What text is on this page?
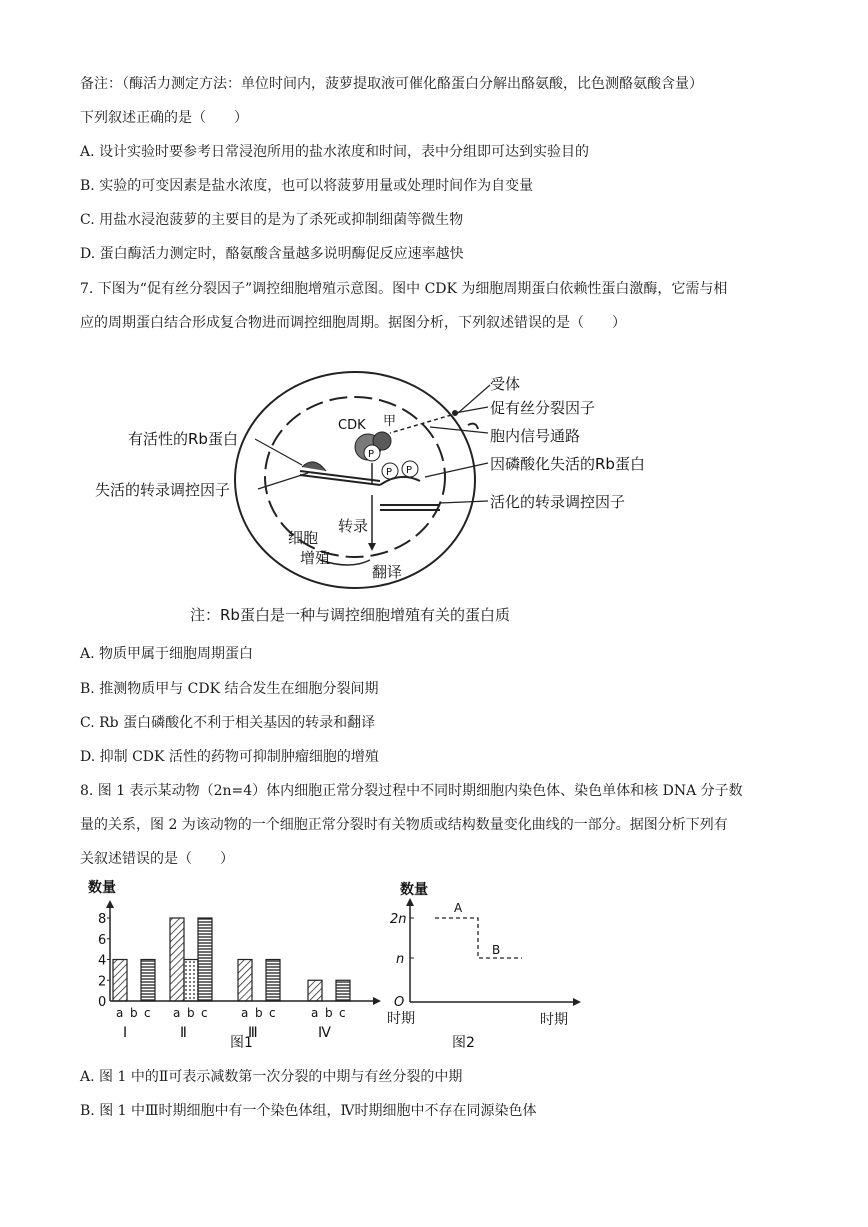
备注：（酶活力测定方法：单位时间内，菠萝提取液可催化酪蛋白分解出酪氨酸，比色测酪氨酸含量）
下列叙述正确的是（　　）
A. 设计实验时要参考日常浸泡所用的盐水浓度和时间，表中分组即可达到实验目的
B. 实验的可变因素是盐水浓度，也可以将菠萝用量或处理时间作为自变量
C. 用盐水浸泡菠萝的主要目的是为了杀死或抑制细菌等微生物
D. 蛋白酶活力测定时，酪氨酸含量越多说明酶促反应速率越快
7. 下图为“促有丝分裂因子”调控细胞增殖示意图。图中 CDK 为细胞周期蛋白依赖性蛋白激酶，它需与相
应的周期蛋白结合形成复合物进而调控细胞周期。据图分析，下列叙述错误的是（　　）
P
CDK 甲
P P
转录
翻译
细胞
增殖
受体
促有丝分裂因子
胞内信号通路
因磷酸化失活的Rb蛋白
活化的转录调控因子
有活性的Rb蛋白
失活的转录调控因子
注：Rb蛋白是一种与调控细胞增殖有关的蛋白质
A. 物质甲属于细胞周期蛋白
B. 推测物质甲与 CDK 结合发生在细胞分裂间期
C. Rb 蛋白磷酸化不利于相关基因的转录和翻译
D. 抑制 CDK 活性的药物可抑制肿瘤细胞的增殖
8. 图 1 表示某动物（2n=4）体内细胞正常分裂过程中不同时期细胞内染色体、染色单体和核 DNA 分子数
量的关系，图 2 为该动物的一个细胞正常分裂时有关物质或结构数量变化曲线的一部分。据图分析下列有
关叙述错误的是（　　）
数量
时期
图1
0
2
4
6
8
a b c
Ⅰ
a b c
Ⅱ
a b c
Ⅲ
a b c
Ⅳ
数量
时期
O
图2
2n
n
A
B
A. 图 1 中的Ⅱ可表示减数第一次分裂的中期与有丝分裂的中期
B. 图 1 中Ⅲ时期细胞中有一个染色体组，Ⅳ时期细胞中不存在同源染色体
